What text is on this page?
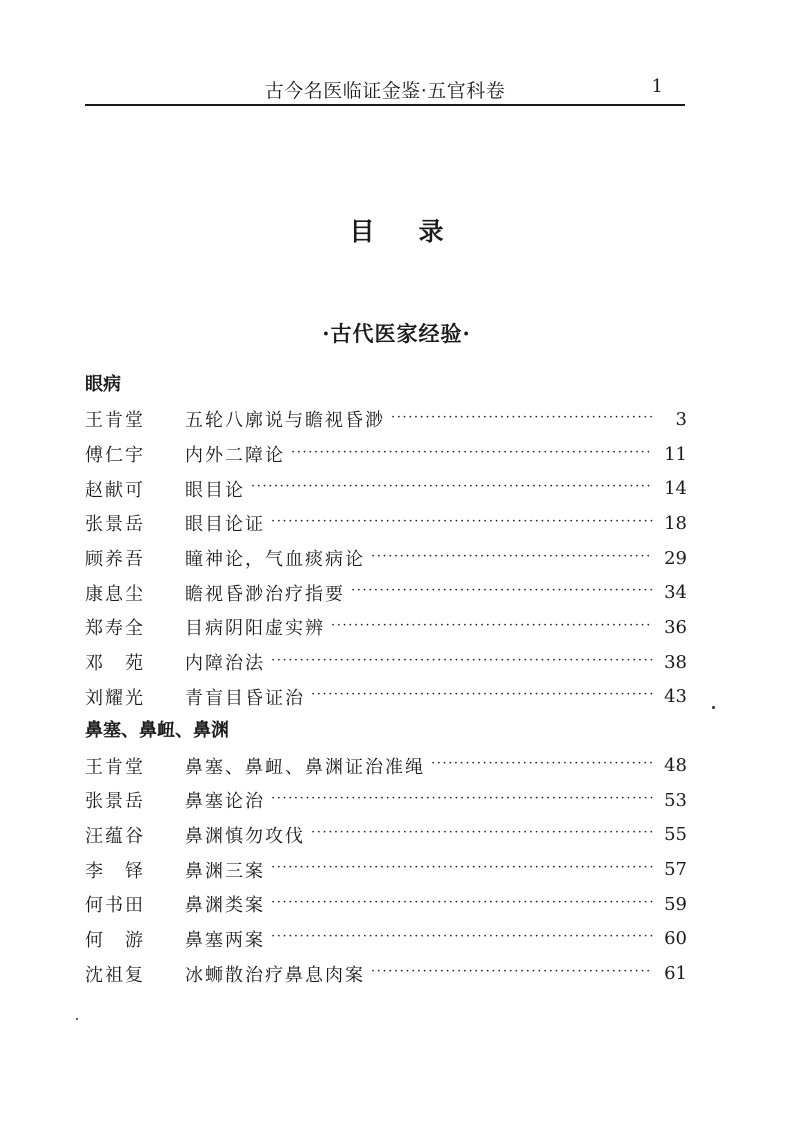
古今名医临证金鉴·五官科卷	1
目录
·古代医家经验·
眼病
王肯堂	五轮八廓说与瞻视昏渺 ·····	3
傅仁宇	内外二障论 ·····	11
赵献可	眼目论 ·····	14
张景岳	眼目论证 ·····	18
顾养吾	瞳神论，气血痰病论 ·····	29
康息尘	瞻视昏渺治疗指要 ·····	34
郑寿全	目病阴阳虚实辨 ·····	36
邓　苑	内障治法 ·····	38
刘耀光	青盲目昏证治 ·····	43
鼻塞、鼻衄、鼻渊
王肯堂	鼻塞、鼻衄、鼻渊证治准绳 ·····	48
张景岳	鼻塞论治 ·····	53
汪蕴谷	鼻渊慎勿攻伐 ·····	55
李　铎	鼻渊三案 ·····	57
何书田	鼻渊类案 ·····	59
何　游	鼻塞两案 ·····	60
沈祖复	冰蛳散治疗鼻息肉案 ·····	61
